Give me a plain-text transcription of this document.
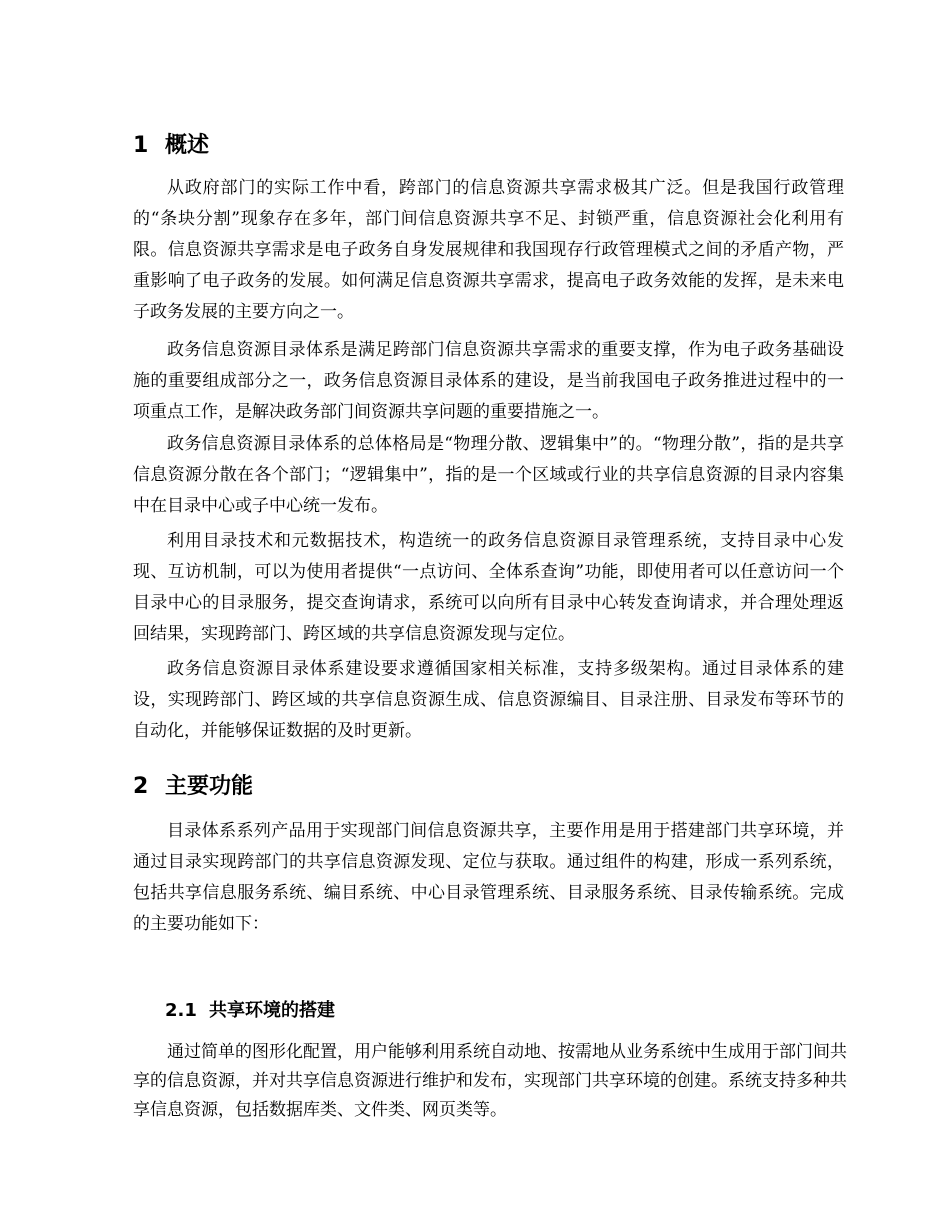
1 概述

从政府部门的实际工作中看，跨部门的信息资源共享需求极其广泛。但是我国行政管理的“条块分割”现象存在多年，部门间信息资源共享不足、封锁严重，信息资源社会化利用有限。信息资源共享需求是电子政务自身发展规律和我国现存行政管理模式之间的矛盾产物，严重影响了电子政务的发展。如何满足信息资源共享需求，提高电子政务效能的发挥，是未来电子政务发展的主要方向之一。

政务信息资源目录体系是满足跨部门信息资源共享需求的重要支撑，作为电子政务基础设施的重要组成部分之一，政务信息资源目录体系的建设，是当前我国电子政务推进过程中的一项重点工作，是解决政务部门间资源共享问题的重要措施之一。

政务信息资源目录体系的总体格局是“物理分散、逻辑集中”的。“物理分散”，指的是共享信息资源分散在各个部门；“逻辑集中”，指的是一个区域或行业的共享信息资源的目录内容集中在目录中心或子中心统一发布。

利用目录技术和元数据技术，构造统一的政务信息资源目录管理系统，支持目录中心发现、互访机制，可以为使用者提供“一点访问、全体系查询”功能，即使用者可以任意访问一个目录中心的目录服务，提交查询请求，系统可以向所有目录中心转发查询请求，并合理处理返回结果，实现跨部门、跨区域的共享信息资源发现与定位。

政务信息资源目录体系建设要求遵循国家相关标准，支持多级架构。通过目录体系的建设，实现跨部门、跨区域的共享信息资源生成、信息资源编目、目录注册、目录发布等环节的自动化，并能够保证数据的及时更新。

2 主要功能

目录体系系列产品用于实现部门间信息资源共享，主要作用是用于搭建部门共享环境，并通过目录实现跨部门的共享信息资源发现、定位与获取。通过组件的构建，形成一系列系统，包括共享信息服务系统、编目系统、中心目录管理系统、目录服务系统、目录传输系统。完成的主要功能如下：

2.1 共享环境的搭建

通过简单的图形化配置，用户能够利用系统自动地、按需地从业务系统中生成用于部门间共享的信息资源，并对共享信息资源进行维护和发布，实现部门共享环境的创建。系统支持多种共享信息资源，包括数据库类、文件类、网页类等。
